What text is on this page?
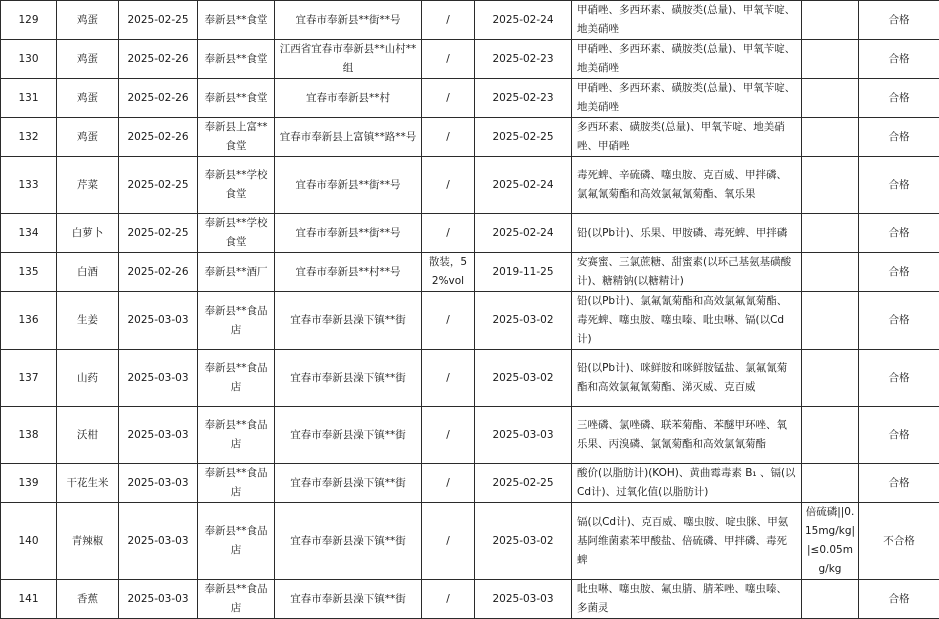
129	鸡蛋	2025-02-25	奉新县**食堂	宜春市奉新县**街**号	/	2025-02-24	甲硝唑、多西环素、磺胺类(总量)、甲氧苄啶、地美硝唑		合格
130	鸡蛋	2025-02-26	奉新县**食堂	江西省宜春市奉新县**山村**组	/	2025-02-23	甲硝唑、多西环素、磺胺类(总量)、甲氧苄啶、地美硝唑		合格
131	鸡蛋	2025-02-26	奉新县**食堂	宜春市奉新县**村	/	2025-02-23	甲硝唑、多西环素、磺胺类(总量)、甲氧苄啶、地美硝唑		合格
132	鸡蛋	2025-02-26	奉新县上富**食堂	宜春市奉新县上富镇**路**号	/	2025-02-25	多西环素、磺胺类(总量)、甲氧苄啶、地美硝唑、甲硝唑		合格
133	芹菜	2025-02-25	奉新县**学校食堂	宜春市奉新县**街**号	/	2025-02-24	毒死蜱、辛硫磷、噻虫胺、克百威、甲拌磷、氯氟氰菊酯和高效氯氟氰菊酯、氧乐果		合格
134	白萝卜	2025-02-25	奉新县**学校食堂	宜春市奉新县**街**号	/	2025-02-24	铅(以Pb计)、乐果、甲胺磷、毒死蜱、甲拌磷		合格
135	白酒	2025-02-26	奉新县**酒厂	宜春市奉新县**村**号	散装，52%vol	2019-11-25	安赛蜜、三氯蔗糖、甜蜜素(以环己基氨基磺酸计)、糖精钠(以糖精计)		合格
136	生姜	2025-03-03	奉新县**食品店	宜春市奉新县澡下镇**街	/	2025-03-02	铅(以Pb计)、氯氟氰菊酯和高效氯氟氰菊酯、毒死蜱、噻虫胺、噻虫嗪、吡虫啉、镉(以Cd计)		合格
137	山药	2025-03-03	奉新县**食品店	宜春市奉新县澡下镇**街	/	2025-03-02	铅(以Pb计)、咪鲜胺和咪鲜胺锰盐、氯氟氰菊酯和高效氯氟氰菊酯、涕灭威、克百威		合格
138	沃柑	2025-03-03	奉新县**食品店	宜春市奉新县澡下镇**街	/	2025-03-03	三唑磷、氯唑磷、联苯菊酯、苯醚甲环唑、氧乐果、丙溴磷、氯氰菊酯和高效氯氰菊酯		合格
139	干花生米	2025-03-03	奉新县**食品店	宜春市奉新县澡下镇**街	/	2025-02-25	酸价(以脂肪计)(KOH)、黄曲霉毒素 B₁ 、镉(以Cd计)、过氧化值(以脂肪计)		合格
140	青辣椒	2025-03-03	奉新县**食品店	宜春市奉新县澡下镇**街	/	2025-03-02	镉(以Cd计)、克百威、噻虫胺、啶虫脒、甲氨基阿维菌素苯甲酸盐、倍硫磷、甲拌磷、毒死蜱	倍硫磷||0.15mg/kg||≤0.05mg/kg	不合格
141	香蕉	2025-03-03	奉新县**食品店	宜春市奉新县澡下镇**街	/	2025-03-03	吡虫啉、噻虫胺、氟虫腈、腈苯唑、噻虫嗪、多菌灵		合格
